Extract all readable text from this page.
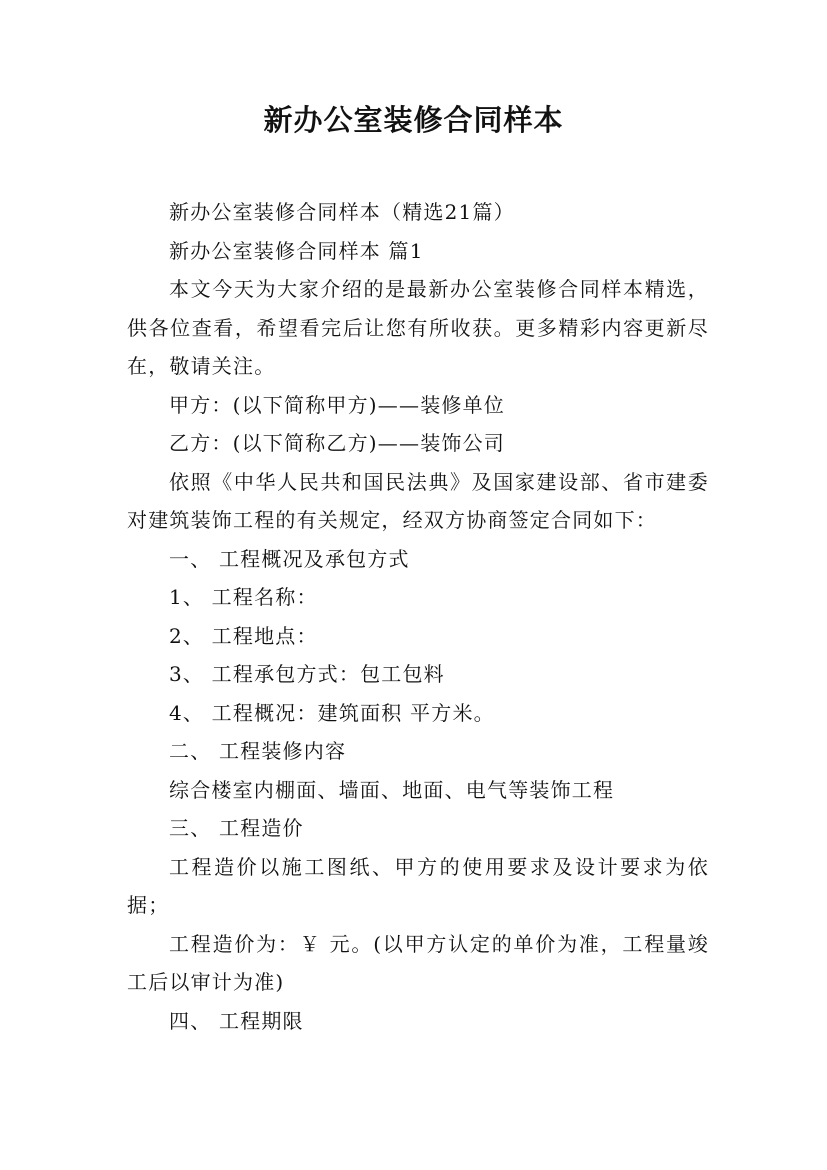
新办公室装修合同样本

新办公室装修合同样本（精选21篇）

新办公室装修合同样本 篇1

本文今天为大家介绍的是最新办公室装修合同样本精选，供各位查看，希望看完后让您有所收获。更多精彩内容更新尽在，敬请关注。

甲方：(以下简称甲方)——装修单位

乙方：(以下简称乙方)——装饰公司

依照《中华人民共和国民法典》及国家建设部、省市建委对建筑装饰工程的有关规定，经双方协商签定合同如下：

一、 工程概况及承包方式

1、 工程名称：

2、 工程地点：

3、 工程承包方式：包工包料

4、 工程概况：建筑面积 平方米。

二、 工程装修内容

综合楼室内棚面、墙面、地面、电气等装饰工程

三、 工程造价

工程造价以施工图纸、甲方的使用要求及设计要求为依据；

工程造价为：￥ 元。(以甲方认定的单价为准，工程量竣工后以审计为准)

四、 工程期限
